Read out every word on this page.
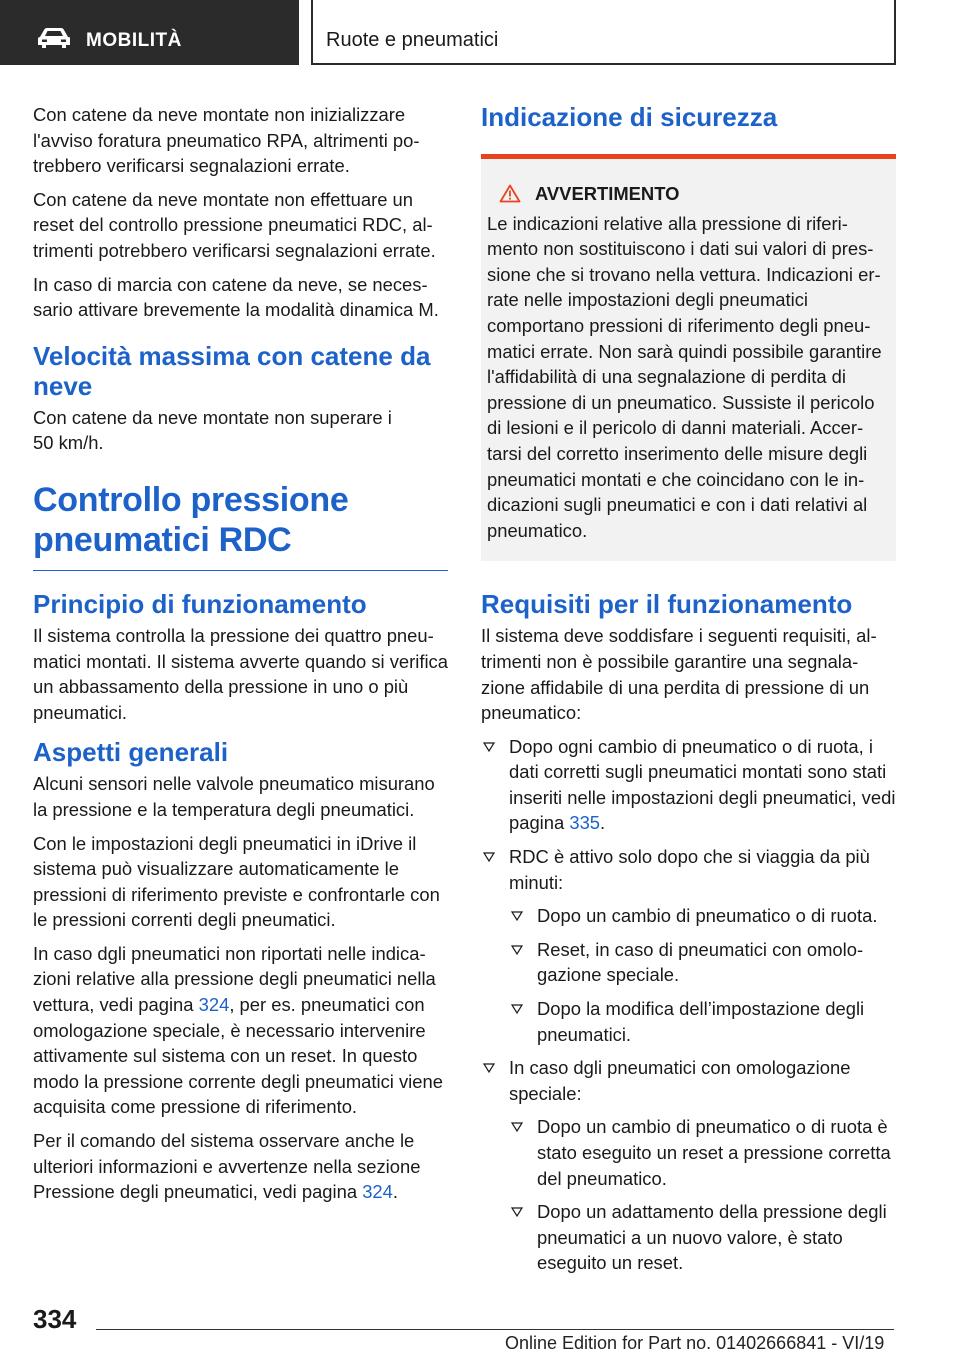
MOBILITÀ	Ruote e pneumatici

Con catene da neve montate non inizializzare l'avviso foratura pneumatico RPA, altrimenti potrebbero verificarsi segnalazioni errate.

Con catene da neve montate non effettuare un reset del controllo pressione pneumatici RDC, altrimenti potrebbero verificarsi segnalazioni errate.

In caso di marcia con catene da neve, se necessario attivare brevemente la modalità dinamica M.

Velocità massima con catene da neve

Con catene da neve montate non superare i
50 km/h.

Controllo pressione pneumatici RDC
Principio di funzionamento

Il sistema controlla la pressione dei quattro pneumatici montati. Il sistema avverte quando si verifica un abbassamento della pressione in uno o più pneumatici.

Aspetti generali

Alcuni sensori nelle valvole pneumatico misurano la pressione e la temperatura degli pneumatici.

Con le impostazioni degli pneumatici in iDrive il sistema può visualizzare automaticamente le pressioni di riferimento previste e confrontarle con le pressioni correnti degli pneumatici.

In caso dgli pneumatici non riportati nelle indicazioni relative alla pressione degli pneumatici nella vettura, vedi pagina 324, per es. pneumatici con omologazione speciale, è necessario intervenire attivamente sul sistema con un reset. In questo modo la pressione corrente degli pneumatici viene acquisita come pressione di riferimento.

Per il comando del sistema osservare anche le ulteriori informazioni e avvertenze nella sezione Pressione degli pneumatici, vedi pagina 324.

Indicazione di sicurezza
AVVERTIMENTO

Le indicazioni relative alla pressione di riferimento non sostituiscono i dati sui valori di pressione che si trovano nella vettura. Indicazioni errate nelle impostazioni degli pneumatici comportano pressioni di riferimento degli pneumatici errate. Non sarà quindi possibile garantire l'affidabilità di una segnalazione di perdita di pressione di un pneumatico. Sussiste il pericolo di lesioni e il pericolo di danni materiali. Accertarsi del corretto inserimento delle misure degli pneumatici montati e che coincidano con le indicazioni sugli pneumatici e con i dati relativi al pneumatico.

Requisiti per il funzionamento

Il sistema deve soddisfare i seguenti requisiti, altrimenti non è possibile garantire una segnalazione affidabile di una perdita di pressione di un pneumatico:

Dopo ogni cambio di pneumatico o di ruota, i dati corretti sugli pneumatici montati sono stati inseriti nelle impostazioni degli pneumatici, vedi pagina 335.
RDC è attivo solo dopo che si viaggia da più minuti:
Dopo un cambio di pneumatico o di ruota.
Reset, in caso di pneumatici con omologazione speciale.
Dopo la modifica dell’impostazione degli pneumatici.
In caso dgli pneumatici con omologazione speciale:
Dopo un cambio di pneumatico o di ruota è stato eseguito un reset a pressione corretta del pneumatico.
Dopo un adattamento della pressione degli pneumatici a un nuovo valore, è stato eseguito un reset.
334
Online Edition for Part no. 01402666841 - VI/19
